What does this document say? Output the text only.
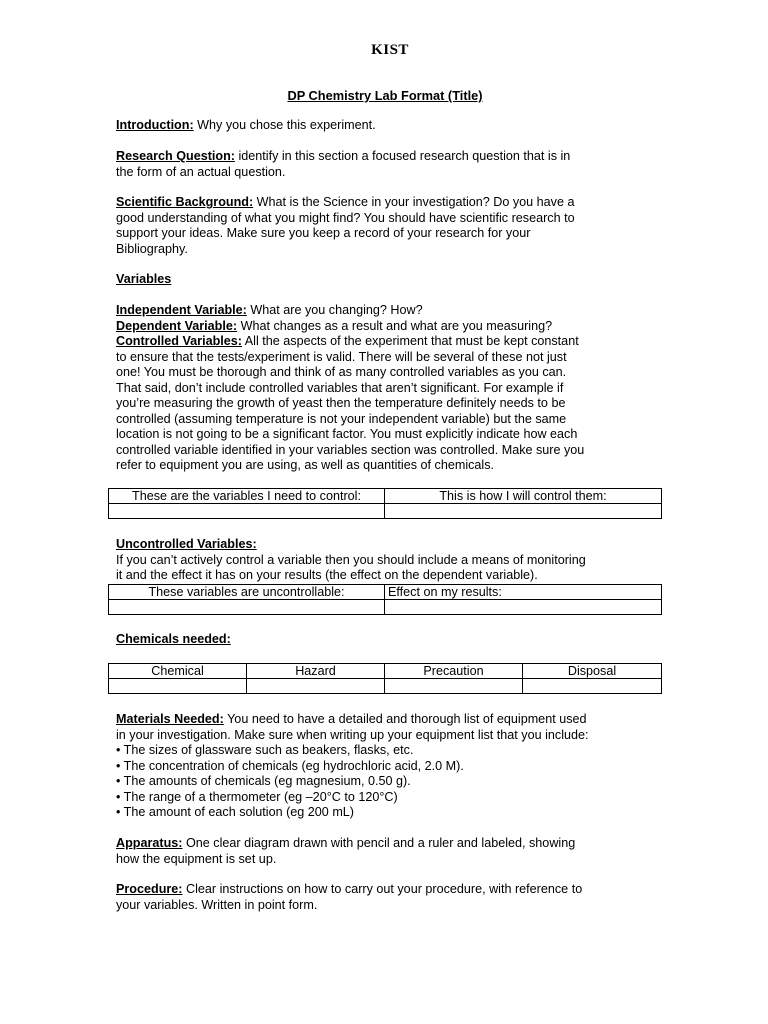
KIST
DP Chemistry Lab Format (Title)

Introduction: Why you chose this experiment.

Research Question: identify in this section a focused research question that is in
the form of an actual question.

Scientific Background: What is the Science in your investigation? Do you have a
good understanding of what you might find? You should have scientific research to
support your ideas. Make sure you keep a record of your research for your
Bibliography.

Variables

Independent Variable: What are you changing? How?
Dependent Variable: What changes as a result and what are you measuring?
Controlled Variables: All the aspects of the experiment that must be kept constant
to ensure that the tests/experiment is valid. There will be several of these not just
one! You must be thorough and think of as many controlled variables as you can.
That said, don’t include controlled variables that aren’t significant. For example if
you’re measuring the growth of yeast then the temperature definitely needs to be
controlled (assuming temperature is not your independent variable) but the same
location is not going to be a significant factor. You must explicitly indicate how each
controlled variable identified in your variables section was controlled. Make sure you
refer to equipment you are using, as well as quantities of chemicals.

These are the variables I need to control:	This is how I will control them:

Uncontrolled Variables:
If you can’t actively control a variable then you should include a means of monitoring
it and the effect it has on your results (the effect on the dependent variable).

These variables are uncontrollable:	Effect on my results:

Chemicals needed:

Chemical	Hazard	Precaution	Disposal

Materials Needed: You need to have a detailed and thorough list of equipment used
in your investigation. Make sure when writing up your equipment list that you include:
• The sizes of glassware such as beakers, flasks, etc.
• The concentration of chemicals (eg hydrochloric acid, 2.0 M).
• The amounts of chemicals (eg magnesium, 0.50 g).
• The range of a thermometer (eg –20°C to 120°C)
• The amount of each solution (eg 200 mL)

Apparatus: One clear diagram drawn with pencil and a ruler and labeled, showing
how the equipment is set up.

Procedure: Clear instructions on how to carry out your procedure, with reference to
your variables. Written in point form.
